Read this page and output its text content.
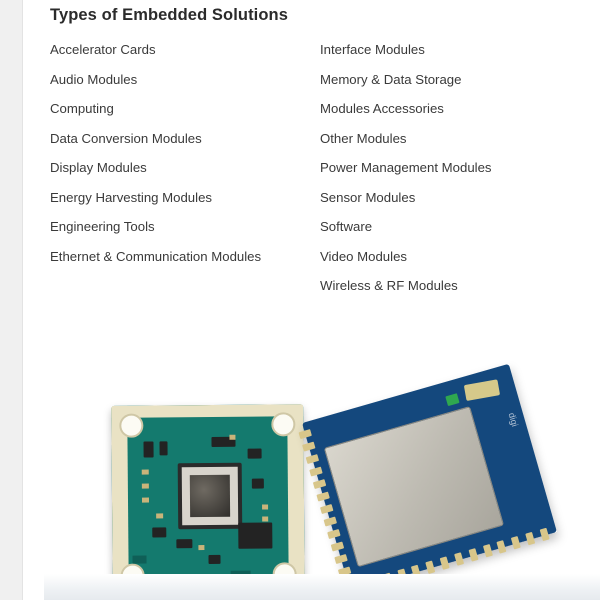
Types of Embedded Solutions
Accelerator Cards
Audio Modules
Computing
Data Conversion Modules
Display Modules
Energy Harvesting Modules
Engineering Tools
Ethernet & Communication Modules
Interface Modules
Memory & Data Storage
Modules Accessories
Other Modules
Power Management Modules
Sensor Modules
Software
Video Modules
Wireless & RF Modules
digi
